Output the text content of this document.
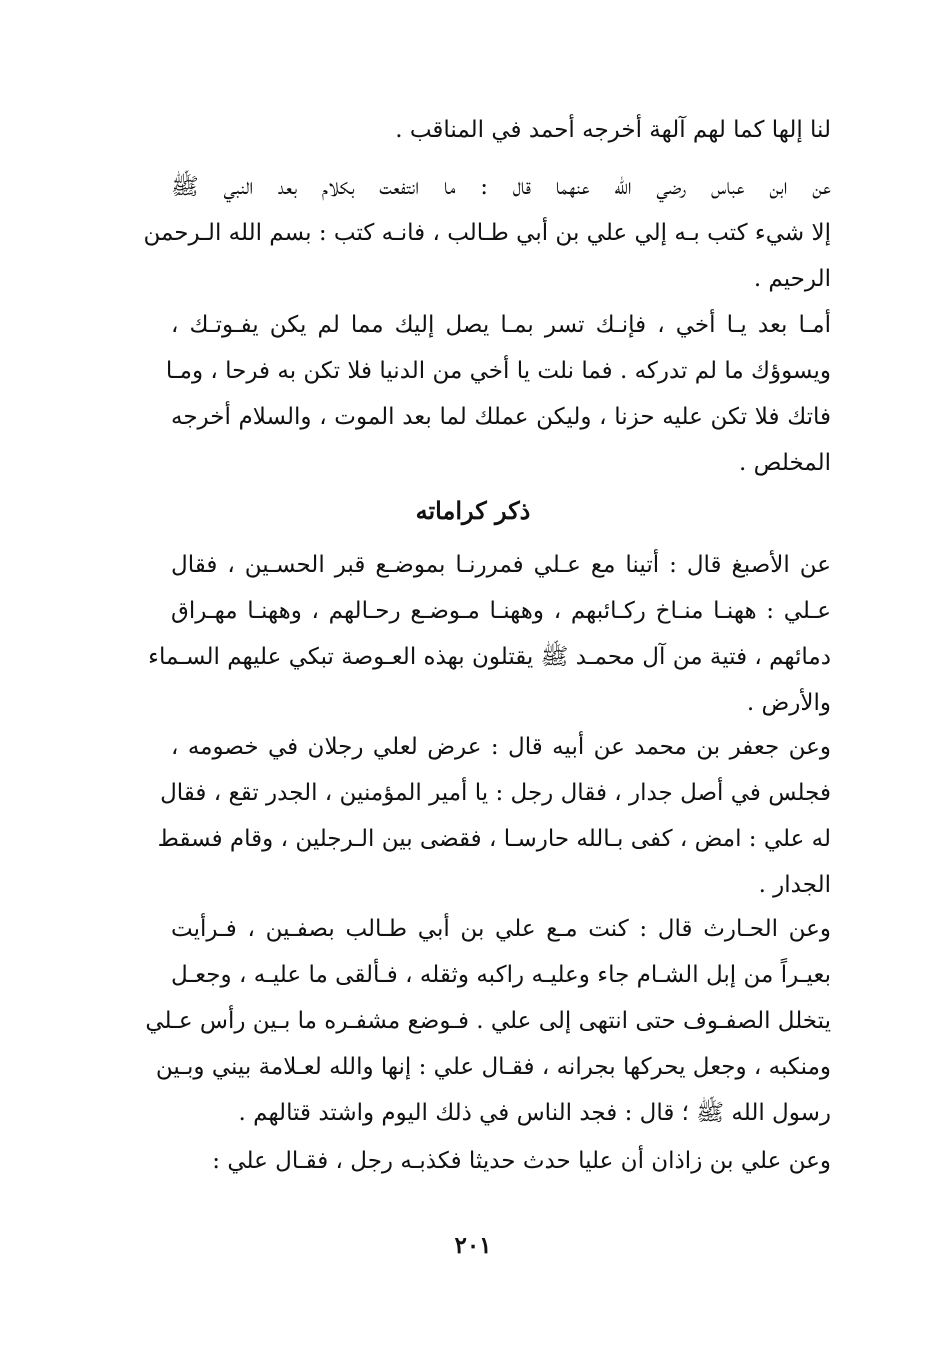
لنا إلها كما لهم آلهة أخرجه أحمد في المناقب .
عن ابن عباس رضي الله عنهما قال : ما انتفعت بكلام بعد النبي ﷺ
إلا شيء كتب بـه إلي علي بن أبي طـالب ، فانـه كتب : بسم الله الـرحمن
الرحيم .
أمـا بعد يـا أخي ، فإنـك تسر بمـا يصل إليك مما لم يكن يفـوتـك ،
ويسوؤك ما لم تدركه . فما نلت يا أخي من الدنيا فلا تكن به فرحا ، ومـا
فاتك فلا تكن عليه حزنا ، وليكن عملك لما بعد الموت ، والسلام أخرجه
المخلص .
ذكر كراماته
عن الأصبغ قال : أتينا مع عـلي فمررنـا بموضـع قبر الحسـين ، فقال
عـلي : ههنـا منـاخ ركـائبهم ، وههنـا مـوضـع رحـالهم ، وههنـا مهـراق
دمائهم ، فتية من آل محمـد ﷺ يقتلون بهذه العـوصة تبكي عليهم السـماء
والأرض .
وعن جعفر بن محمد عن أبيه قال : عرض لعلي رجلان في خصومه ،
فجلس في أصل جدار ، فقال رجل : يا أمير المؤمنين ، الجدر تقع ، فقال
له علي : امض ، كفى بـالله حارسـا ، فقضى بين الـرجلين ، وقام فسقط
الجدار .
وعن الحـارث قال : كنت مـع علي بن أبي طـالب بصفـين ، فـرأيت
بعيـراً من إبل الشـام جاء وعليـه راكبه وثقله ، فـألقى ما عليـه ، وجعـل
يتخلل الصفـوف حتى انتهى إلى علي . فـوضع مشفـره ما بـين رأس عـلي
ومنكبه ، وجعل يحركها بجرانه ، فقـال علي : إنها والله لعـلامة بيني وبـين
رسول الله ﷺ ؛ قال : فجد الناس في ذلك اليوم واشتد قتالهم .
وعن علي بن زاذان أن عليا حدث حديثا فكذبـه رجل ، فقـال علي :
٢٠١
